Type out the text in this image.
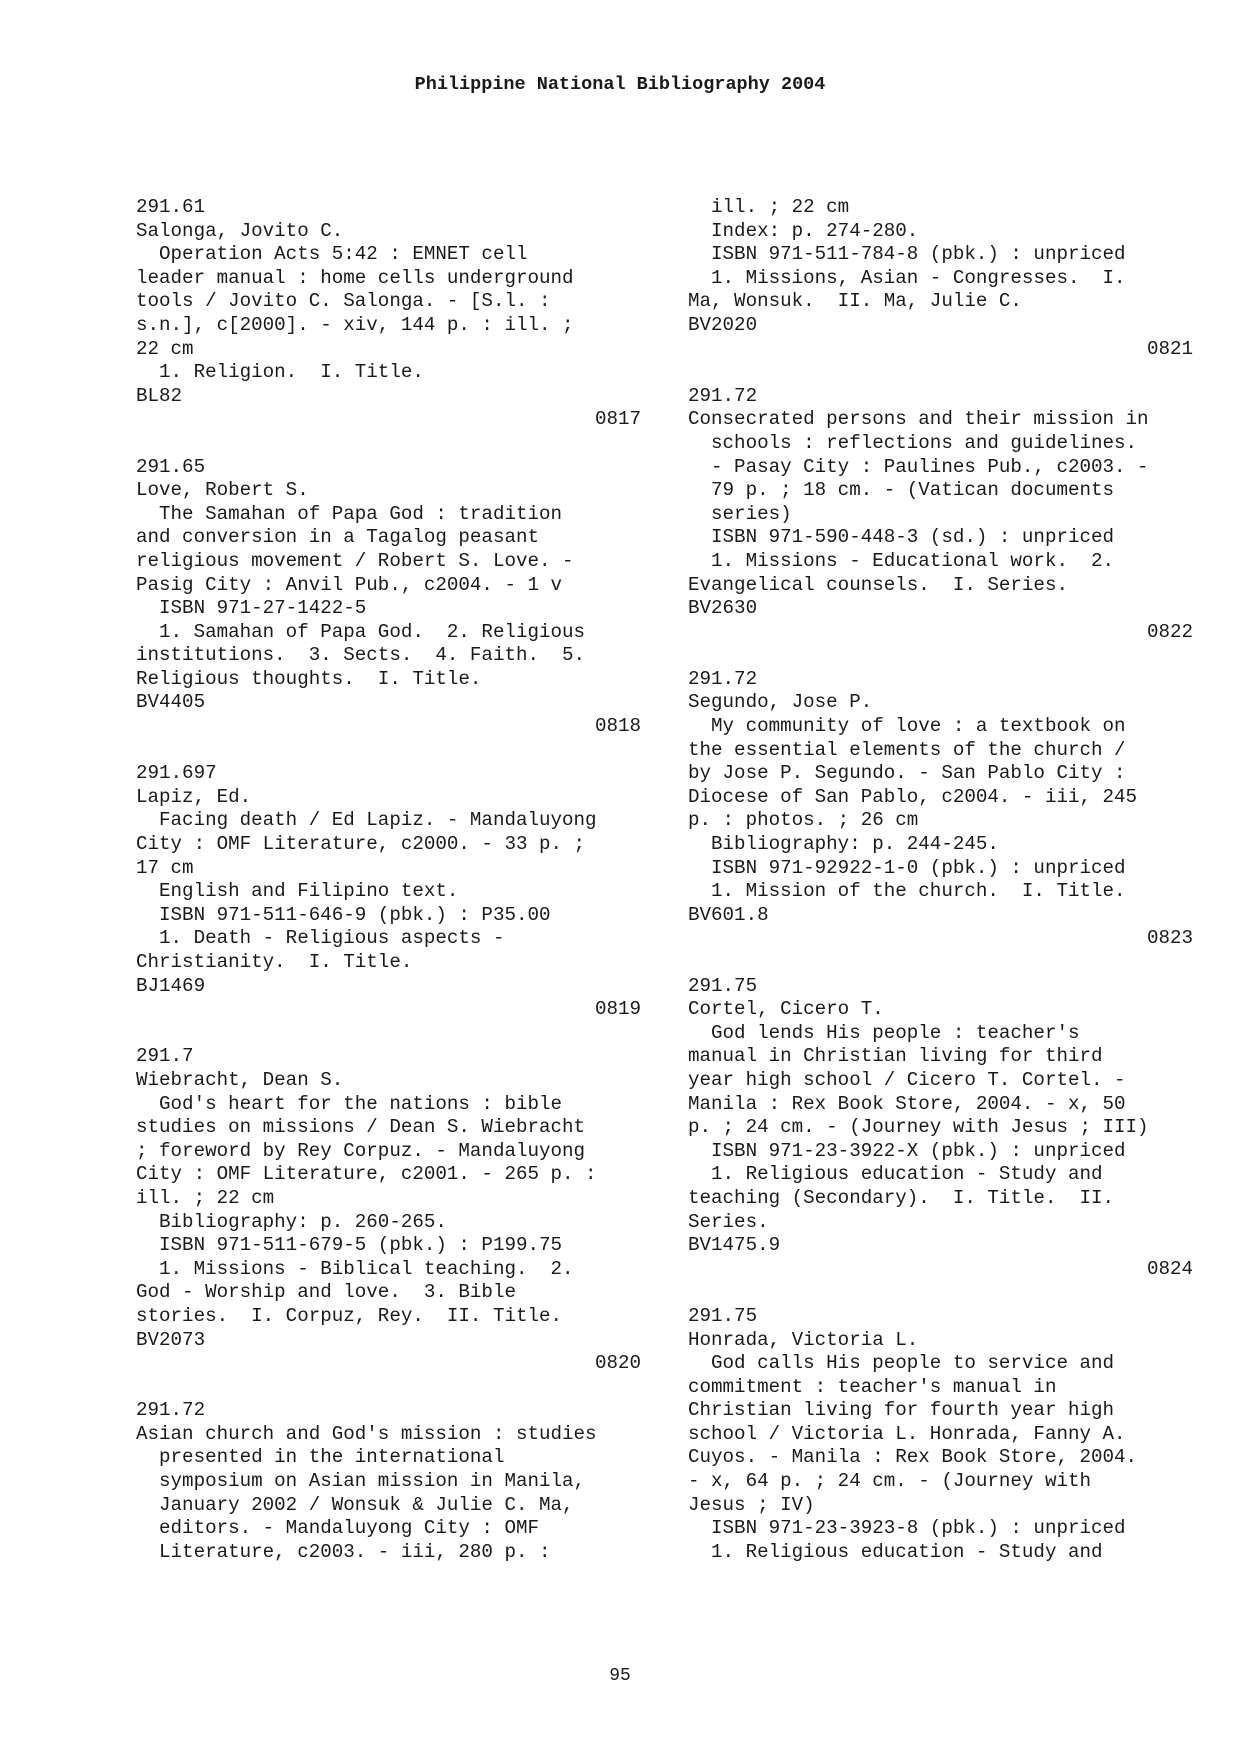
Philippine National Bibliography 2004
291.61
Salonga, Jovito C.
Operation Acts 5:42 : EMNET cell
leader manual : home cells underground
tools / Jovito C. Salonga. - [S.l. :
s.n.], c[2000]. - xiv, 144 p. : ill. ;
22 cm
1. Religion.  I. Title.
BL82
0817
291.65
Love, Robert S.
The Samahan of Papa God : tradition
and conversion in a Tagalog peasant
religious movement / Robert S. Love. -
Pasig City : Anvil Pub., c2004. - 1 v
ISBN 971-27-1422-5
1. Samahan of Papa God.  2. Religious
institutions.  3. Sects.  4. Faith.  5.
Religious thoughts.  I. Title.
BV4405
0818
291.697
Lapiz, Ed.
Facing death / Ed Lapiz. - Mandaluyong
City : OMF Literature, c2000. - 33 p. ;
17 cm
English and Filipino text.
ISBN 971-511-646-9 (pbk.) : P35.00
1. Death - Religious aspects -
Christianity.  I. Title.
BJ1469
0819
291.7
Wiebracht, Dean S.
God's heart for the nations : bible
studies on missions / Dean S. Wiebracht
; foreword by Rey Corpuz. - Mandaluyong
City : OMF Literature, c2001. - 265 p. :
ill. ; 22 cm
Bibliography: p. 260-265.
ISBN 971-511-679-5 (pbk.) : P199.75
1. Missions - Biblical teaching.  2.
God - Worship and love.  3. Bible
stories.  I. Corpuz, Rey.  II. Title.
BV2073
0820
291.72
Asian church and God's mission : studies
presented in the international
symposium on Asian mission in Manila,
January 2002 / Wonsuk & Julie C. Ma,
editors. - Mandaluyong City : OMF
Literature, c2003. - iii, 280 p. :
ill. ; 22 cm
Index: p. 274-280.
ISBN 971-511-784-8 (pbk.) : unpriced
1. Missions, Asian - Congresses.  I.
Ma, Wonsuk.  II. Ma, Julie C.
BV2020
0821
291.72
Consecrated persons and their mission in
schools : reflections and guidelines.
- Pasay City : Paulines Pub., c2003. -
79 p. ; 18 cm. - (Vatican documents
series)
ISBN 971-590-448-3 (sd.) : unpriced
1. Missions - Educational work.  2.
Evangelical counsels.  I. Series.
BV2630
0822
291.72
Segundo, Jose P.
My community of love : a textbook on
the essential elements of the church /
by Jose P. Segundo. - San Pablo City :
Diocese of San Pablo, c2004. - iii, 245
p. : photos. ; 26 cm
Bibliography: p. 244-245.
ISBN 971-92922-1-0 (pbk.) : unpriced
1. Mission of the church.  I. Title.
BV601.8
0823
291.75
Cortel, Cicero T.
God lends His people : teacher's
manual in Christian living for third
year high school / Cicero T. Cortel. -
Manila : Rex Book Store, 2004. - x, 50
p. ; 24 cm. - (Journey with Jesus ; III)
ISBN 971-23-3922-X (pbk.) : unpriced
1. Religious education - Study and
teaching (Secondary).  I. Title.  II.
Series.
BV1475.9
0824
291.75
Honrada, Victoria L.
God calls His people to service and
commitment : teacher's manual in
Christian living for fourth year high
school / Victoria L. Honrada, Fanny A.
Cuyos. - Manila : Rex Book Store, 2004.
- x, 64 p. ; 24 cm. - (Journey with
Jesus ; IV)
ISBN 971-23-3923-8 (pbk.) : unpriced
1. Religious education - Study and

95
